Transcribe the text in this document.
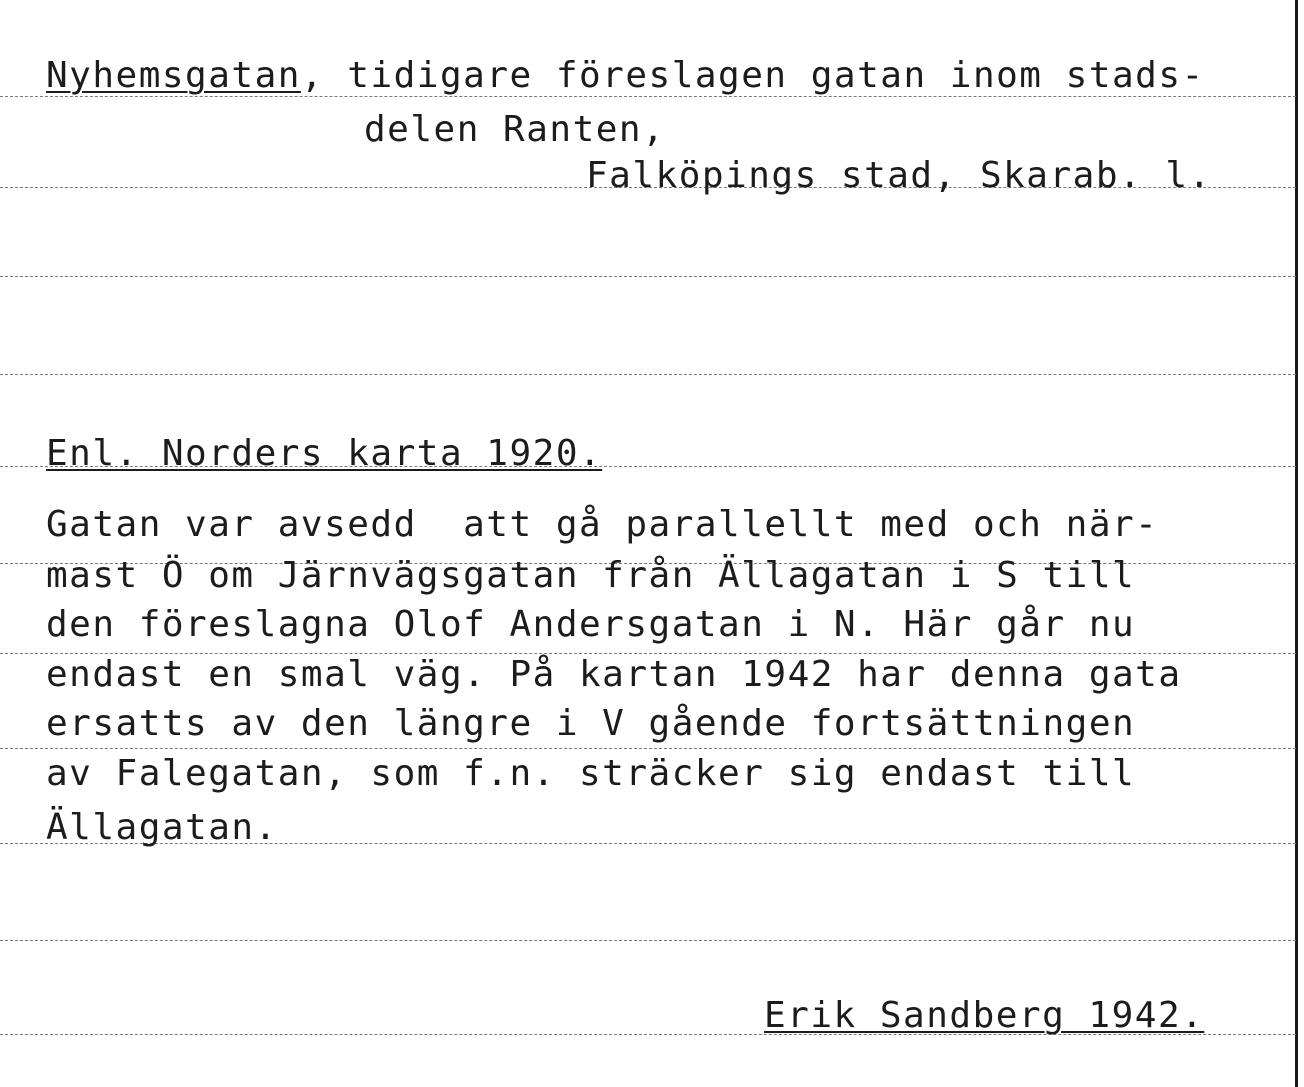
Nyhemsgatan, tidigare föreslagen gatan inom stads-
delen Ranten,
Falköpings stad, Skarab. l.
Enl. Norders karta 1920.
Gatan var avsedd  att gå parallellt med och när-
mast Ö om Järnvägsgatan från Ällagatan i S till
den föreslagna Olof Andersgatan i N. Här går nu
endast en smal väg. På kartan 1942 har denna gata
ersatts av den längre i V gående fortsättningen
av Falegatan, som f.n. sträcker sig endast till
Ällagatan.
Erik Sandberg 1942.
